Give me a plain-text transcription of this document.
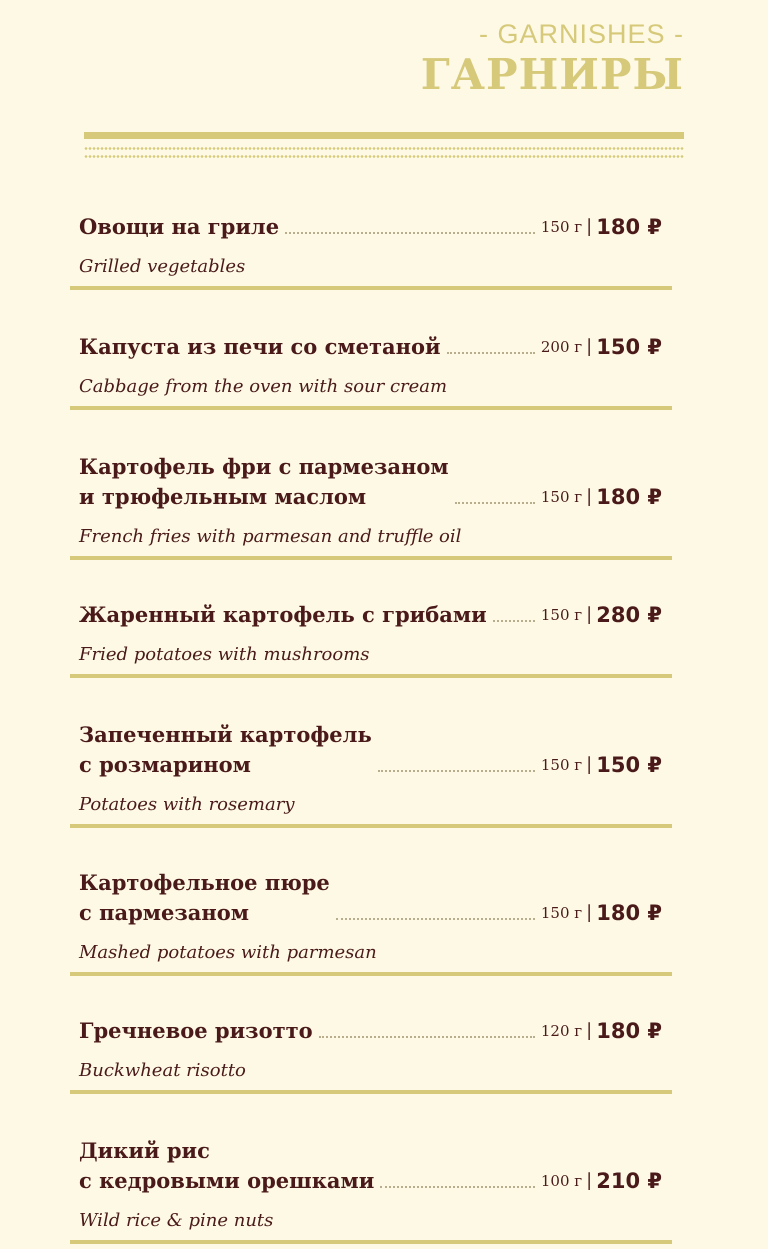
- GARNISHES -
ГАРНИРЫ
Овощи на гриле	150 г | 180 ₽
Grilled vegetables
Капуста из печи со сметаной	200 г | 150 ₽
Cabbage from the oven with sour cream
Картофель фри с пармезаном
и трюфельным маслом	150 г | 180 ₽
French fries with parmesan and truffle oil
Жаренный картофель с грибами	150 г | 280 ₽
Fried potatoes with mushrooms
Запеченный картофель
с розмарином	150 г | 150 ₽
Potatoes with rosemary
Картофельное пюре
с пармезаном	150 г | 180 ₽
Mashed potatoes with parmesan
Гречневое ризотто	120 г | 180 ₽
Buckwheat risotto
Дикий рис
с кедровыми орешками	100 г | 210 ₽
Wild rice & pine nuts
